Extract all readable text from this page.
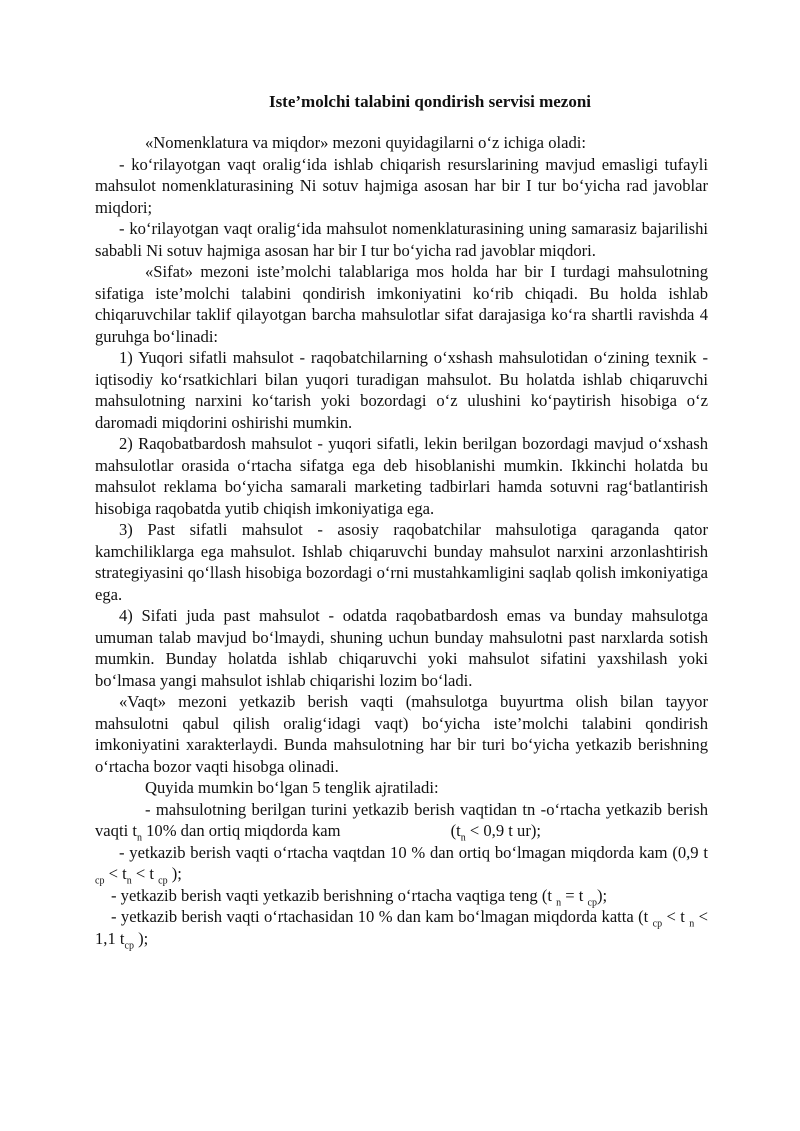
Iste’molchi talabini qondirish servisi mezoni

«Nomenklatura va miqdor» mezoni quyidagilarni o‘z ichiga oladi:

- ko‘rilayotgan vaqt oralig‘ida ishlab chiqarish resurslarining mavjud emasligi tufayli mahsulot nomenklaturasining Ni sotuv hajmiga asosan har bir I tur bo‘yicha rad javoblar miqdori;

- ko‘rilayotgan vaqt oralig‘ida mahsulot nomenklaturasining uning samarasiz bajarilishi sababli Ni sotuv hajmiga asosan har bir I tur bo‘yicha rad javoblar miqdori.

«Sifat» mezoni iste’molchi talablariga mos holda har bir I turdagi mahsulotning sifatiga iste’molchi talabini qondirish imkoniyatini ko‘rib chiqadi. Bu holda ishlab chiqaruvchilar taklif qilayotgan barcha mahsulotlar sifat darajasiga ko‘ra shartli ravishda 4 guruhga bo‘linadi:

1) Yuqori sifatli mahsulot - raqobatchilarning o‘xshash mahsulotidan o‘zining texnik - iqtisodiy ko‘rsatkichlari bilan yuqori turadigan mahsulot. Bu holatda ishlab chiqaruvchi mahsulotning narxini ko‘tarish yoki bozordagi o‘z ulushini ko‘paytirish hisobiga o‘z daromadi miqdorini oshirishi mumkin.

2) Raqobatbardosh mahsulot - yuqori sifatli, lekin berilgan bozordagi mavjud o‘xshash mahsulotlar orasida o‘rtacha sifatga ega deb hisoblanishi mumkin. Ikkinchi holatda bu mahsulot reklama bo‘yicha samarali marketing tadbirlari hamda sotuvni rag‘batlantirish hisobiga raqobatda yutib chiqish imkoniyatiga ega.

3) Past sifatli mahsulot - asosiy raqobatchilar mahsulotiga qaraganda qator kamchiliklarga ega mahsulot. Ishlab chiqaruvchi bunday mahsulot narxini arzonlashtirish strategiyasini qo‘llash hisobiga bozordagi o‘rni mustahkamligini saqlab qolish imkoniyatiga ega.

4) Sifati juda past mahsulot - odatda raqobatbardosh emas va bunday mahsulotga umuman talab mavjud bo‘lmaydi, shuning uchun bunday mahsulotni past narxlarda sotish mumkin. Bunday holatda ishlab chiqaruvchi yoki mahsulot sifatini yaxshilash yoki bo‘lmasa yangi mahsulot ishlab chiqarishi lozim bo‘ladi.

«Vaqt» mezoni yetkazib berish vaqti (mahsulotga buyurtma olish bilan tayyor mahsulotni qabul qilish oralig‘idagi vaqt) bo‘yicha iste’molchi talabini qondirish imkoniyatini xarakterlaydi. Bunda mahsulotning har bir turi bo‘yicha yetkazib berishning o‘rtacha bozor vaqti hisobga olinadi.

Quyida mumkin bo‘lgan 5 tenglik ajratiladi:

- mahsulotning berilgan turini yetkazib berish vaqtidan tn -o‘rtacha yetkazib berish vaqti $t_n$ 10% dan ortiq miqdorda kam	($t_n < 0,9$ t ur);

- yetkazib berish vaqti o‘rtacha vaqtdan 10 % dan ortiq bo‘lmagan miqdorda kam (0,9 t $_{cp} < t_n < t$ $_{cp}$ );

- yetkazib berish vaqti yetkazib berishning o‘rtacha vaqtiga teng (t $_n$ = t $_{cp}$);

- yetkazib berish vaqti o‘rtachasidan 10 % dan kam bo‘lmagan miqdorda katta (t $_{cp}$ < t $_n$ < 1,1 $t_{cp}$ );
